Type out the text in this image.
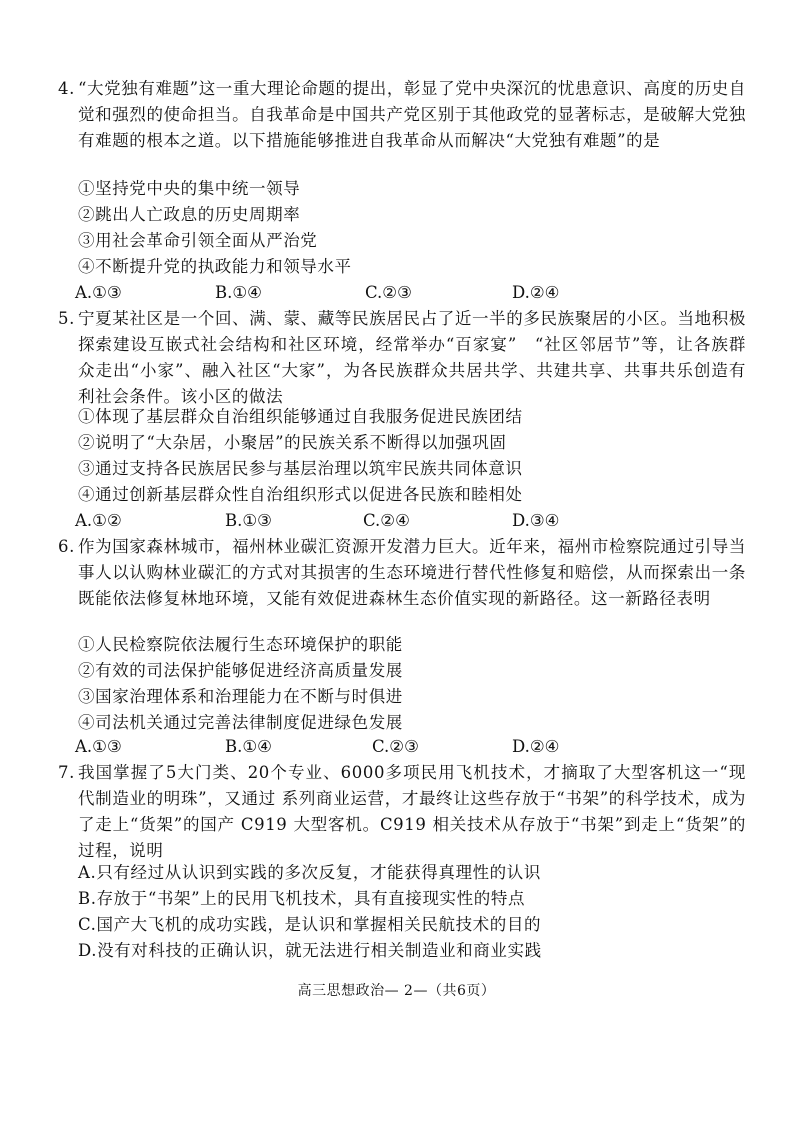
4. “大党独有难题”这一重大理论命题的提出，彰显了党中央深沉的忧患意识、高度的历史自觉和强烈的使命担当。自我革命是中国共产党区别于其他政党的显著标志，是破解大党独有难题的根本之道。以下措施能够推进自我革命从而解决“大党独有难题”的是
①坚持党中央的集中统一领导
②跳出人亡政息的历史周期率
③用社会革命引领全面从严治党
④不断提升党的执政能力和领导水平
A.①③	B.①④	C.②③	D.②④
5. 宁夏某社区是一个回、满、蒙、藏等民族居民占了近一半的多民族聚居的小区。当地积极探索建设互嵌式社会结构和社区环境，经常举办“百家宴”　“社区邻居节”等，让各族群众走出“小家”、融入社区“大家”，为各民族群众共居共学、共建共享、共事共乐创造有利社会条件。该小区的做法
①体现了基层群众自治组织能够通过自我服务促进民族团结
②说明了“大杂居，小聚居”的民族关系不断得以加强巩固
③通过支持各民族居民参与基层治理以筑牢民族共同体意识
④通过创新基层群众性自治组织形式以促进各民族和睦相处
A.①②	B.①③	C.②④	D.③④
6. 作为国家森林城市，福州林业碳汇资源开发潜力巨大。近年来，福州市检察院通过引导当事人以认购林业碳汇的方式对其损害的生态环境进行替代性修复和赔偿，从而探索出一条既能依法修复林地环境，又能有效促进森林生态价值实现的新路径。这一新路径表明
①人民检察院依法履行生态环境保护的职能
②有效的司法保护能够促进经济高质量发展
③国家治理体系和治理能力在不断与时俱进
④司法机关通过完善法律制度促进绿色发展
A.①③	B.①④	C.②③	D.②④
7. 我国掌握了5大门类、20个专业、6000多项民用飞机技术，才摘取了大型客机这一“现代制造业的明珠”，又通过 系列商业运营，才最终让这些存放于“书架”的科学技术，成为了走上“货架”的国产 C919 大型客机。C919 相关技术从存放于“书架”到走上“货架”的过程，说明
A.只有经过从认识到实践的多次反复，才能获得真理性的认识
B.存放于“书架”上的民用飞机技术，具有直接现实性的特点
C.国产大飞机的成功实践，是认识和掌握相关民航技术的目的
D.没有对科技的正确认识，就无法进行相关制造业和商业实践
高三思想政治— 2—（共6页）
